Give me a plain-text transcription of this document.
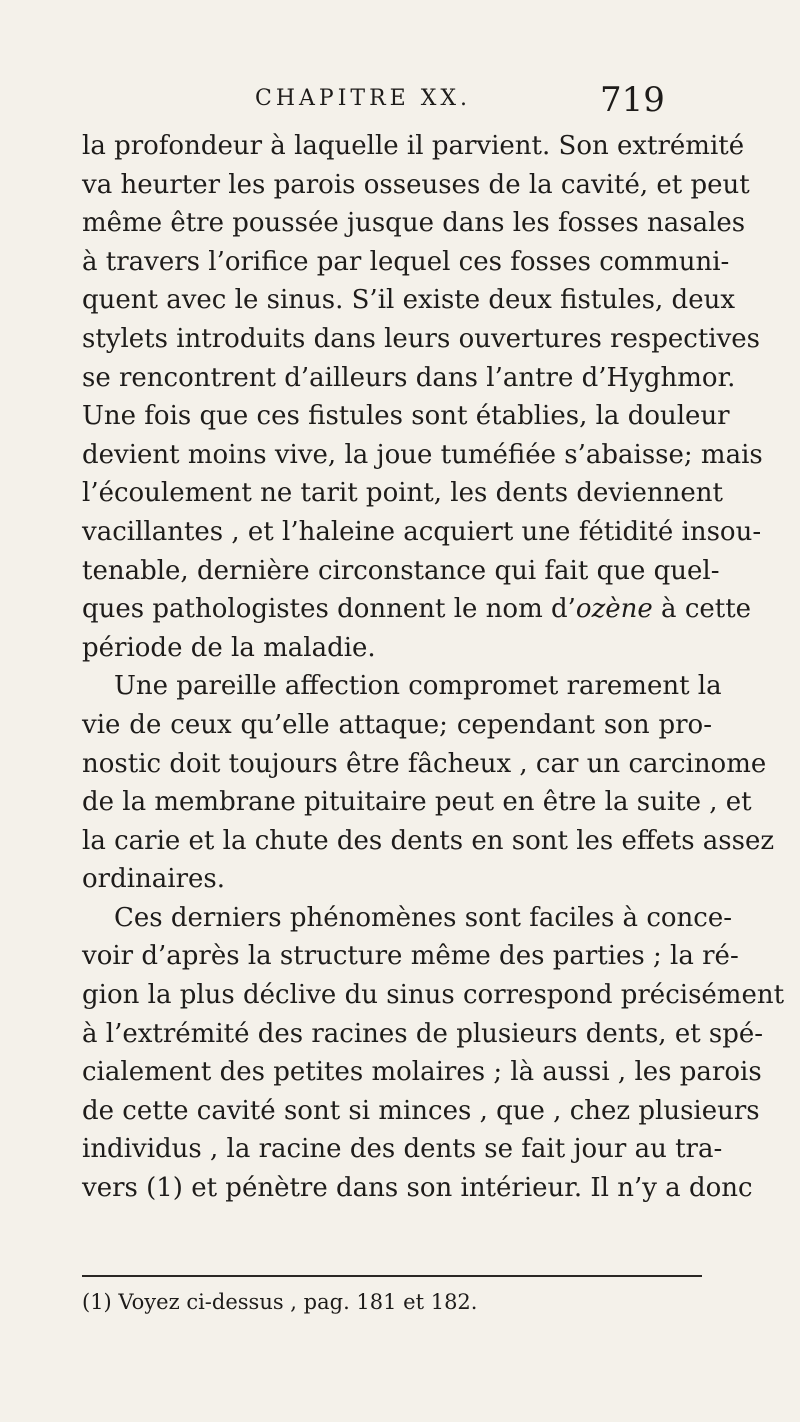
CHAPITRE XX.	719
la profondeur à laquelle il parvient. Son extrémité
va heurter les parois osseuses de la cavité, et peut
même être poussée jusque dans les fosses nasales
à travers l’orifice par lequel ces fosses communi-
quent avec le sinus. S’il existe deux fistules, deux
stylets introduits dans leurs ouvertures respectives
se rencontrent d’ailleurs dans l’antre d’Hyghmor.
Une fois que ces fistules sont établies, la douleur
devient moins vive, la joue tuméfiée s’abaisse; mais
l’écoulement ne tarit point, les dents deviennent
vacillantes , et l’haleine acquiert une fétidité insou-
tenable, dernière circonstance qui fait que quel-
ques pathologistes donnent le nom d’ozène à cette
période de la maladie.
Une pareille affection compromet rarement la
vie de ceux qu’elle attaque; cependant son pro-
nostic doit toujours être fâcheux , car un carcinome
de la membrane pituitaire peut en être la suite , et
la carie et la chute des dents en sont les effets assez
ordinaires.
Ces derniers phénomènes sont faciles à conce-
voir d’après la structure même des parties ; la ré-
gion la plus déclive du sinus correspond précisément
à l’extrémité des racines de plusieurs dents, et spé-
cialement des petites molaires ; là aussi , les parois
de cette cavité sont si minces , que , chez plusieurs
individus , la racine des dents se fait jour au tra-
vers (1) et pénètre dans son intérieur. Il n’y a donc
(1) Voyez ci-dessus , pag. 181 et 182.
